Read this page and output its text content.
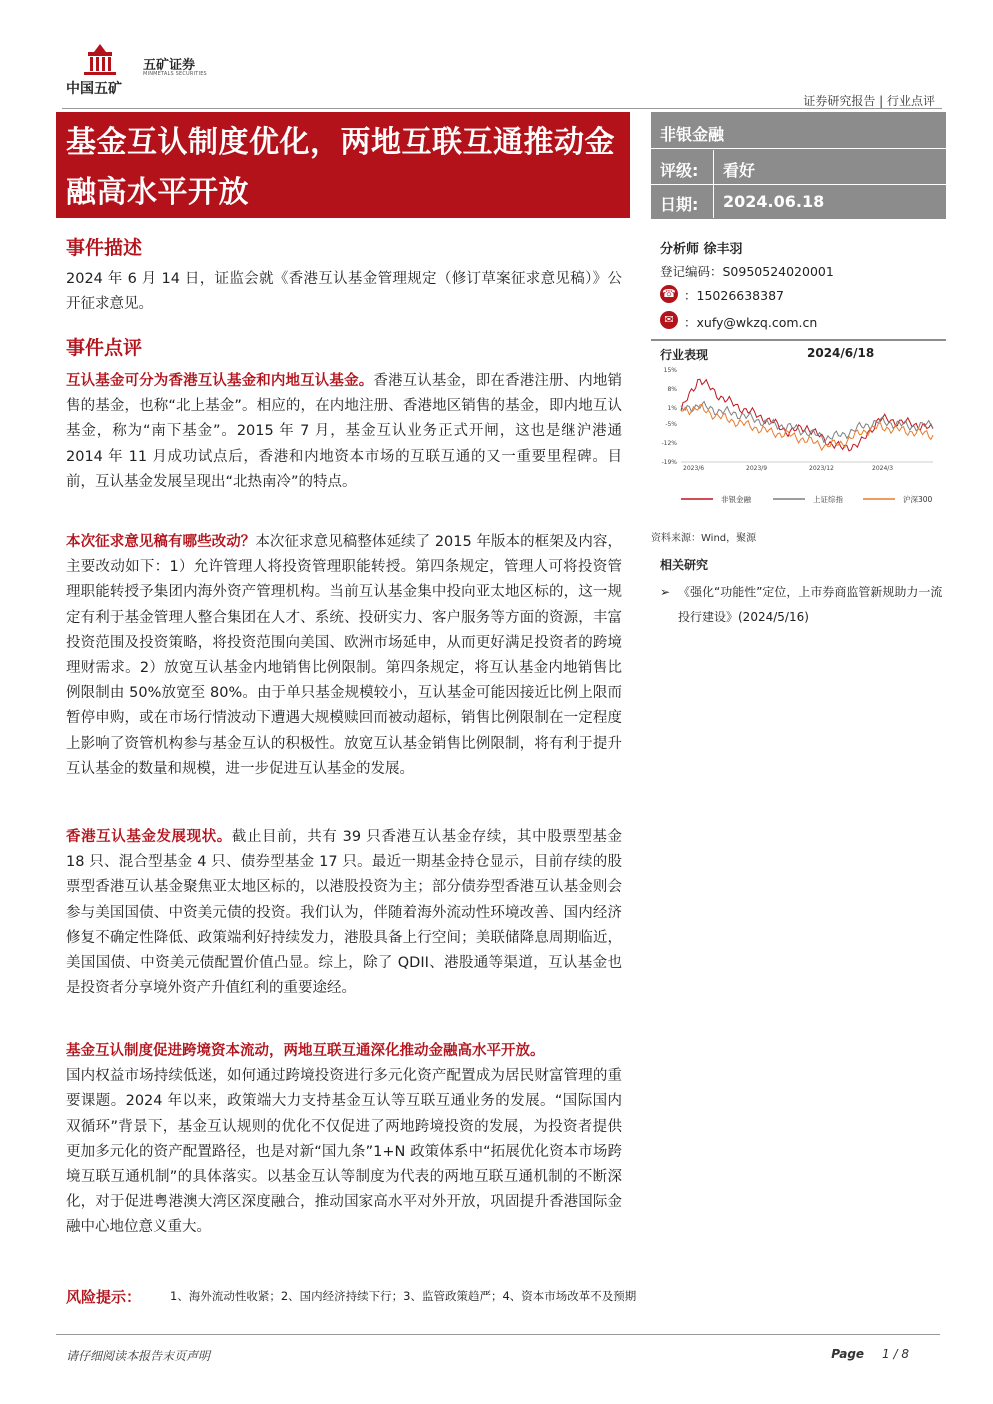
中国五矿
五矿证券
MINMETALS SECURITIES
证券研究报告 | 行业点评
基金互认制度优化，两地互联互通推动金融高水平开放
非银金融
评级: 看好
日期: 2024.06.18
分析师 徐丰羽
登记编码：S0950524020001
☎ ：15026638387
✉ ：xufy@wkzq.com.cn
行业表现	2024/6/18
15%
8%
1%
-5%
-12%
-19%
2023/6	2023/9	2023/12	2024/3
非银金融	上证综指	沪深300
资料来源：Wind，聚源
相关研究
➢ 《强化“功能性”定位，上市券商监管新规助力一流投行建设》(2024/5/16)
事件描述
2024 年 6 月 14 日，证监会就《香港互认基金管理规定（修订草案征求意见稿）》公开征求意见。
事件点评
互认基金可分为香港互认基金和内地互认基金。香港互认基金，即在香港注册、内地销售的基金，也称“北上基金”。相应的，在内地注册、香港地区销售的基金，即内地互认基金，称为“南下基金”。2015 年 7 月，基金互认业务正式开闸，这也是继沪港通 2014 年 11 月成功试点后，香港和内地资本市场的互联互通的又一重要里程碑。目前，互认基金发展呈现出“北热南冷”的特点。
本次征求意见稿有哪些改动？本次征求意见稿整体延续了 2015 年版本的框架及内容，主要改动如下：1）允许管理人将投资管理职能转授。第四条规定，管理人可将投资管理职能转授予集团内海外资产管理机构。当前互认基金集中投向亚太地区标的，这一规定有利于基金管理人整合集团在人才、系统、投研实力、客户服务等方面的资源，丰富投资范围及投资策略，将投资范围向美国、欧洲市场延申，从而更好满足投资者的跨境理财需求。2）放宽互认基金内地销售比例限制。第四条规定，将互认基金内地销售比例限制由 50%放宽至 80%。由于单只基金规模较小，互认基金可能因接近比例上限而暂停申购，或在市场行情波动下遭遇大规模赎回而被动超标，销售比例限制在一定程度上影响了资管机构参与基金互认的积极性。放宽互认基金销售比例限制，将有利于提升互认基金的数量和规模，进一步促进互认基金的发展。
香港互认基金发展现状。截止目前，共有 39 只香港互认基金存续，其中股票型基金 18 只、混合型基金 4 只、债券型基金 17 只。最近一期基金持仓显示，目前存续的股票型香港互认基金聚焦亚太地区标的，以港股投资为主；部分债券型香港互认基金则会参与美国国债、中资美元债的投资。我们认为，伴随着海外流动性环境改善、国内经济修复不确定性降低、政策端利好持续发力，港股具备上行空间；美联储降息周期临近，美国国债、中资美元债配置价值凸显。综上，除了 QDII、港股通等渠道，互认基金也是投资者分享境外资产升值红利的重要途经。
基金互认制度促进跨境资本流动，两地互联互通深化推动金融高水平开放。
国内权益市场持续低迷，如何通过跨境投资进行多元化资产配置成为居民财富管理的重要课题。2024 年以来，政策端大力支持基金互认等互联互通业务的发展。“国际国内双循环”背景下，基金互认规则的优化不仅促进了两地跨境投资的发展，为投资者提供更加多元化的资产配置路径，也是对新“国九条”1+N 政策体系中“拓展优化资本市场跨境互联互通机制”的具体落实。以基金互认等制度为代表的两地互联互通机制的不断深化，对于促进粤港澳大湾区深度融合，推动国家高水平对外开放，巩固提升香港国际金融中心地位意义重大。
风险提示：	1、海外流动性收紧；2、国内经济持续下行；3、监管政策趋严；4、资本市场改革不及预期
请仔细阅读本报告末页声明	Page 1 / 8
